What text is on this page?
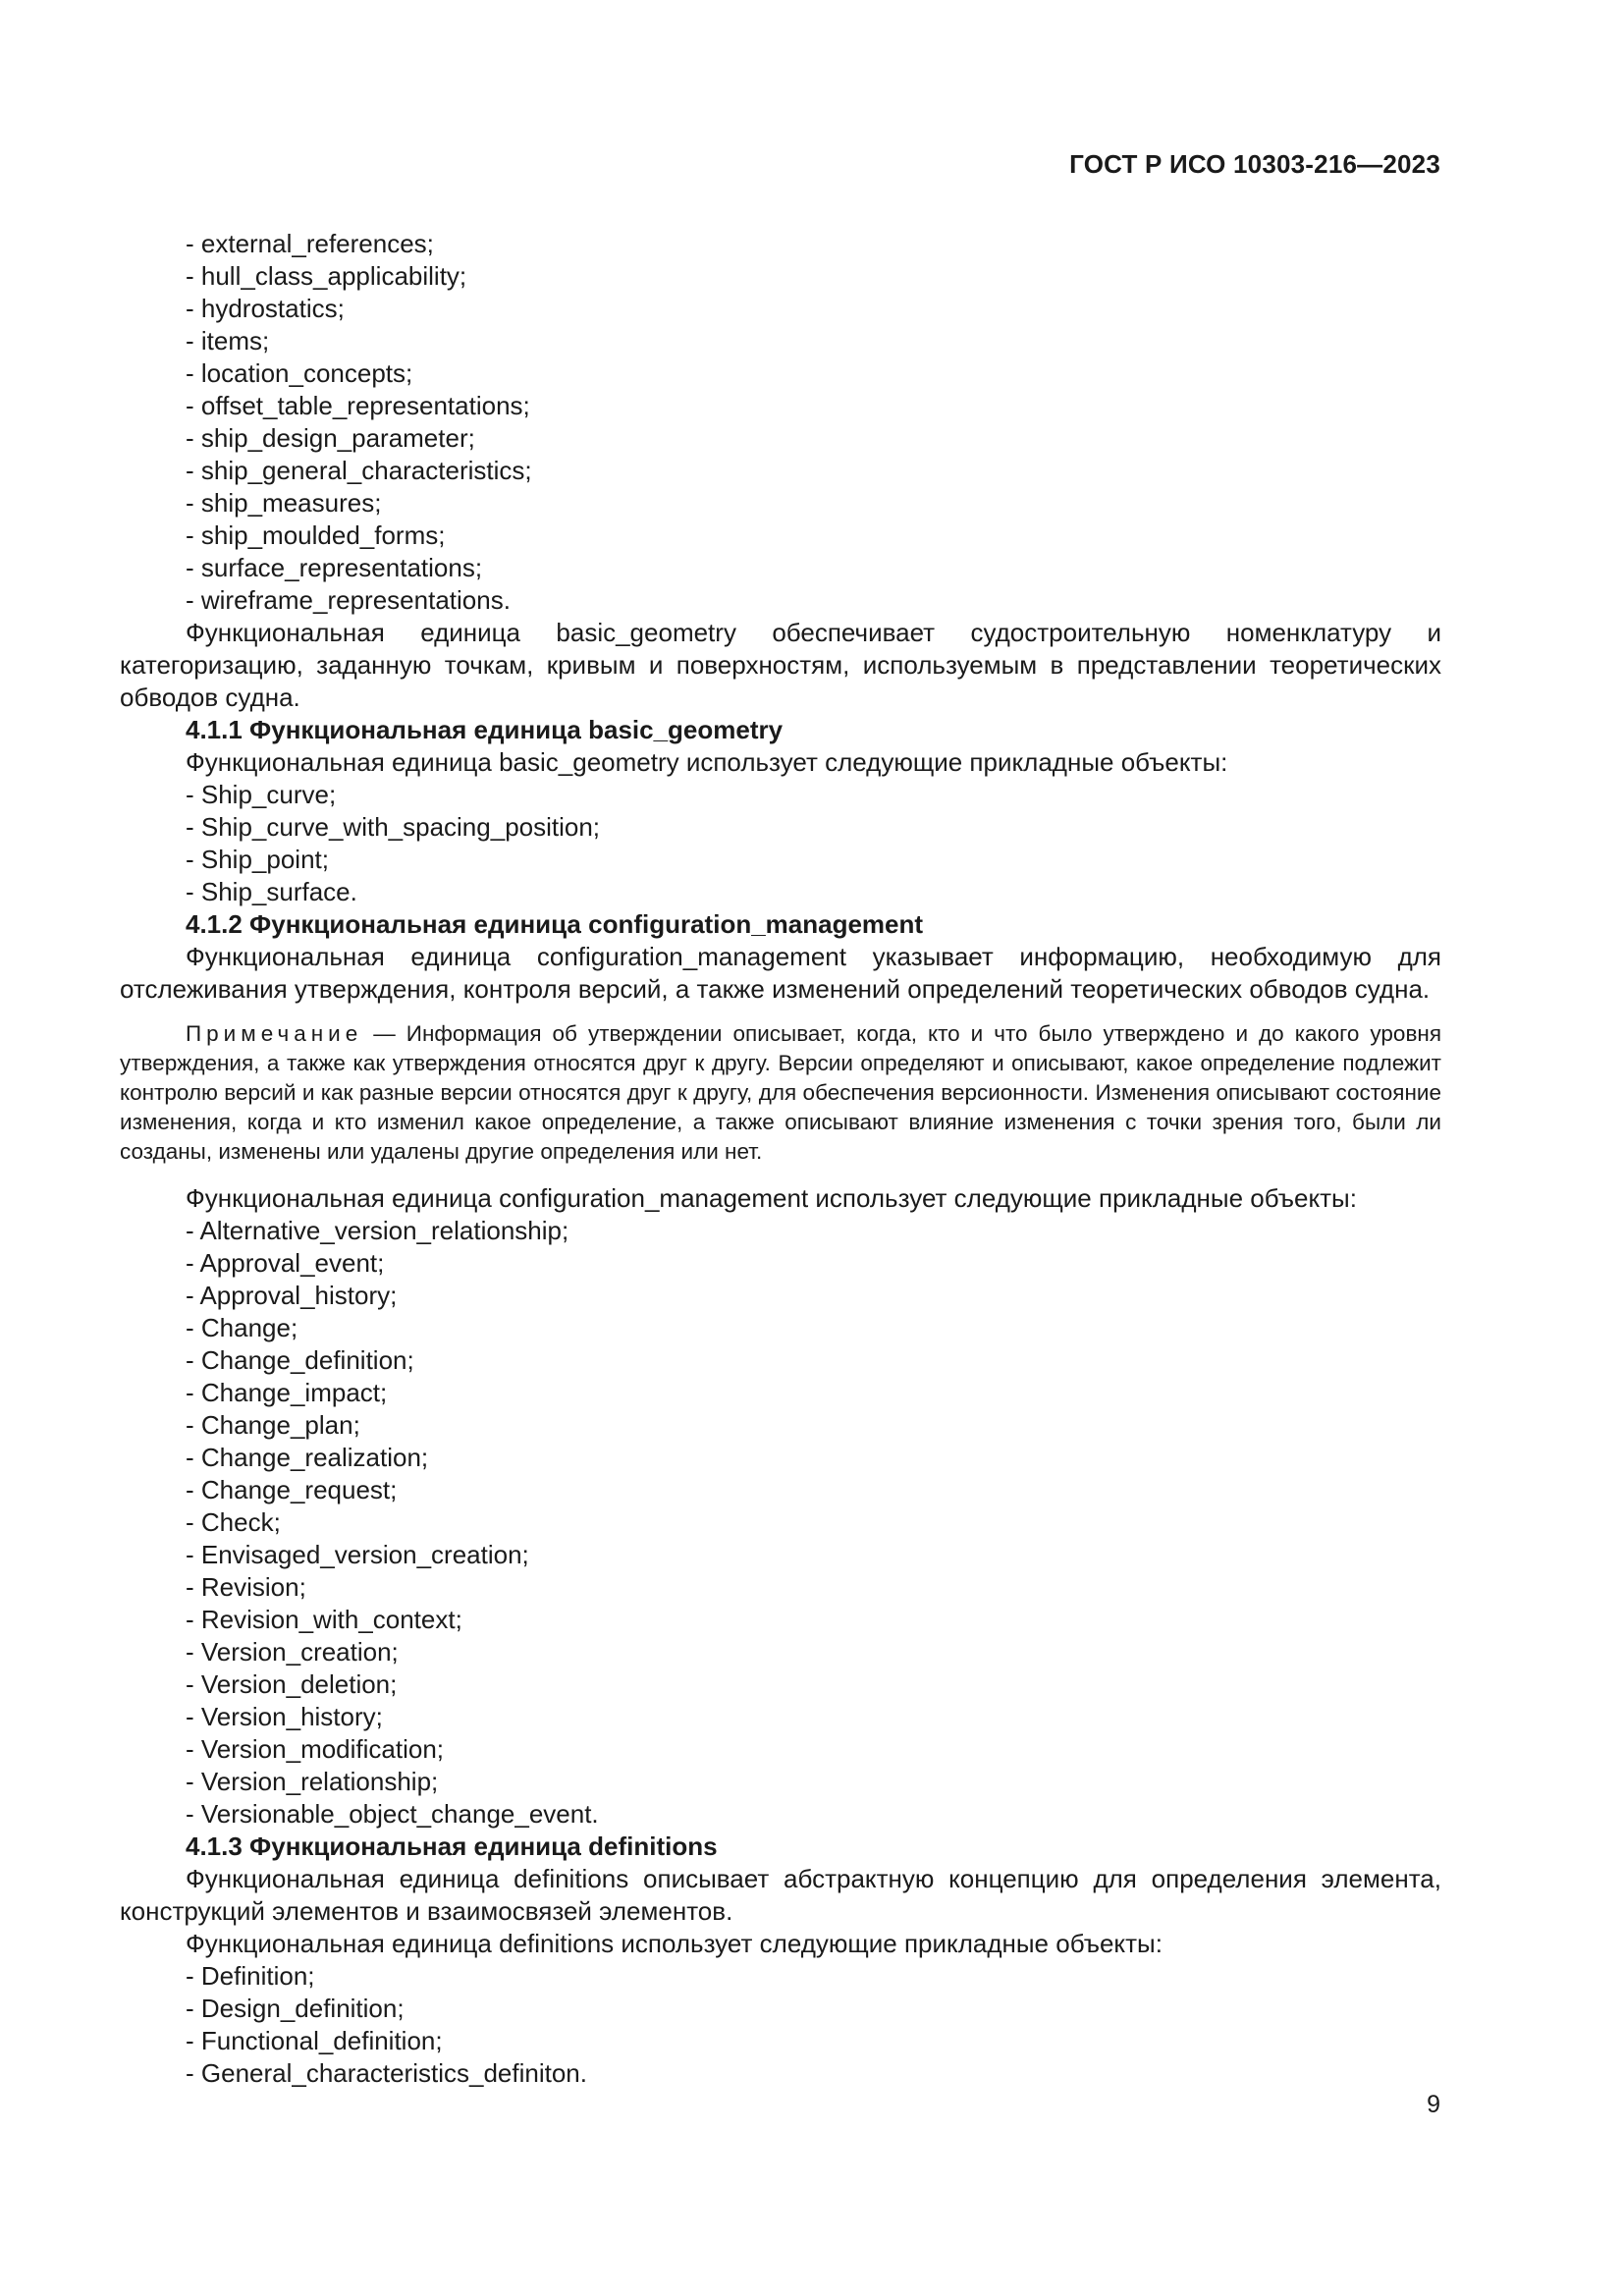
ГОСТ Р ИСО 10303-216—2023
- external_references;
- hull_class_applicability;
- hydrostatics;
- items;
- location_concepts;
- offset_table_representations;
- ship_design_parameter;
- ship_general_characteristics;
- ship_measures;
- ship_moulded_forms;
- surface_representations;
- wireframe_representations.
Функциональная единица basic_geometry обеспечивает судостроительную номенклатуру и категоризацию, заданную точкам, кривым и поверхностям, используемым в представлении теоретических обводов судна.
4.1.1 Функциональная единица basic_geometry
Функциональная единица basic_geometry использует следующие прикладные объекты:
- Ship_curve;
- Ship_curve_with_spacing_position;
- Ship_point;
- Ship_surface.
4.1.2 Функциональная единица configuration_management
Функциональная единица configuration_management указывает информацию, необходимую для отслеживания утверждения, контроля версий, а также изменений определений теоретических обводов судна.
Примечание — Информация об утверждении описывает, когда, кто и что было утверждено и до какого уровня утверждения, а также как утверждения относятся друг к другу. Версии определяют и описывают, какое определение подлежит контролю версий и как разные версии относятся друг к другу, для обеспечения версионности. Изменения описывают состояние изменения, когда и кто изменил какое определение, а также описывают влияние изменения с точки зрения того, были ли созданы, изменены или удалены другие определения или нет.
Функциональная единица configuration_management использует следующие прикладные объекты:
- Alternative_version_relationship;
- Approval_event;
- Approval_history;
- Change;
- Change_definition;
- Change_impact;
- Change_plan;
- Change_realization;
- Change_request;
- Check;
- Envisaged_version_creation;
- Revision;
- Revision_with_context;
- Version_creation;
- Version_deletion;
- Version_history;
- Version_modification;
- Version_relationship;
- Versionable_object_change_event.
4.1.3 Функциональная единица definitions
Функциональная единица definitions описывает абстрактную концепцию для определения элемента, конструкций элементов и взаимосвязей элементов.
Функциональная единица definitions использует следующие прикладные объекты:
- Definition;
- Design_definition;
- Functional_definition;
- General_characteristics_definiton.
9
